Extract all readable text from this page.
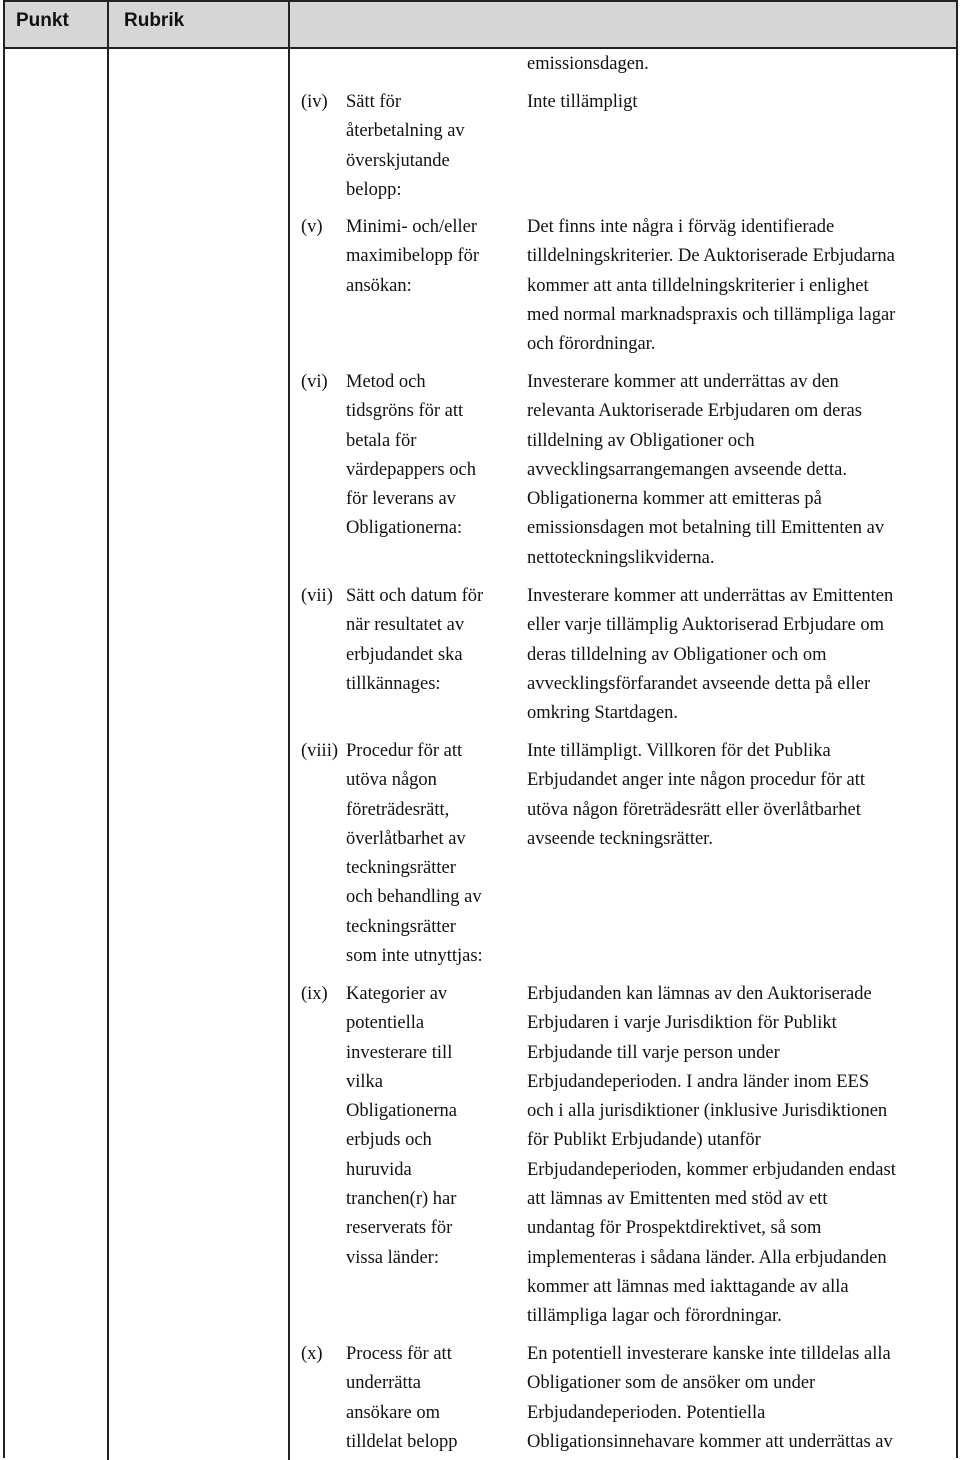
Punkt	Rubrik
emissionsdagen.
(iv) Sätt för
återbetalning av
överskjutande
belopp:
Inte tillämpligt
(v) Minimi- och/eller
maximibelopp för
ansökan:
Det finns inte några i förväg identifierade
tilldelningskriterier. De Auktoriserade Erbjudarna
kommer att anta tilldelningskriterier i enlighet
med normal marknadspraxis och tillämpliga lagar
och förordningar.
(vi) Metod och
tidsgröns för att
betala för
värdepappers och
för leverans av
Obligationerna:
Investerare kommer att underrättas av den
relevanta Auktoriserade Erbjudaren om deras
tilldelning av Obligationer och
avvecklingsarrangemangen avseende detta.
Obligationerna kommer att emitteras på
emissionsdagen mot betalning till Emittenten av
nettoteckningslikviderna.
(vii) Sätt och datum för
när resultatet av
erbjudandet ska
tillkännages:
Investerare kommer att underrättas av Emittenten
eller varje tillämplig Auktoriserad Erbjudare om
deras tilldelning av Obligationer och om
avvecklingsförfarandet avseende detta på eller
omkring Startdagen.
(viii) Procedur för att
utöva någon
företrädesrätt,
överlåtbarhet av
teckningsrätter
och behandling av
teckningsrätter
som inte utnyttjas:
Inte tillämpligt. Villkoren för det Publika
Erbjudandet anger inte någon procedur för att
utöva någon företrädesrätt eller överlåtbarhet
avseende teckningsrätter.
(ix) Kategorier av
potentiella
investerare till
vilka
Obligationerna
erbjuds och
huruvida
tranchen(r) har
reserverats för
vissa länder:
Erbjudanden kan lämnas av den Auktoriserade
Erbjudaren i varje Jurisdiktion för Publikt
Erbjudande till varje person under
Erbjudandeperioden. I andra länder inom EES
och i alla jurisdiktioner (inklusive Jurisdiktionen
för Publikt Erbjudande) utanför
Erbjudandeperioden, kommer erbjudanden endast
att lämnas av Emittenten med stöd av ett
undantag för Prospektdirektivet, så som
implementeras i sådana länder. Alla erbjudanden
kommer att lämnas med iakttagande av alla
tillämpliga lagar och förordningar.
(x) Process för att
underrätta
ansökare om
tilldelat belopp
En potentiell investerare kanske inte tilldelas alla
Obligationer som de ansöker om under
Erbjudandeperioden. Potentiella
Obligationsinnehavare kommer att underrättas av
